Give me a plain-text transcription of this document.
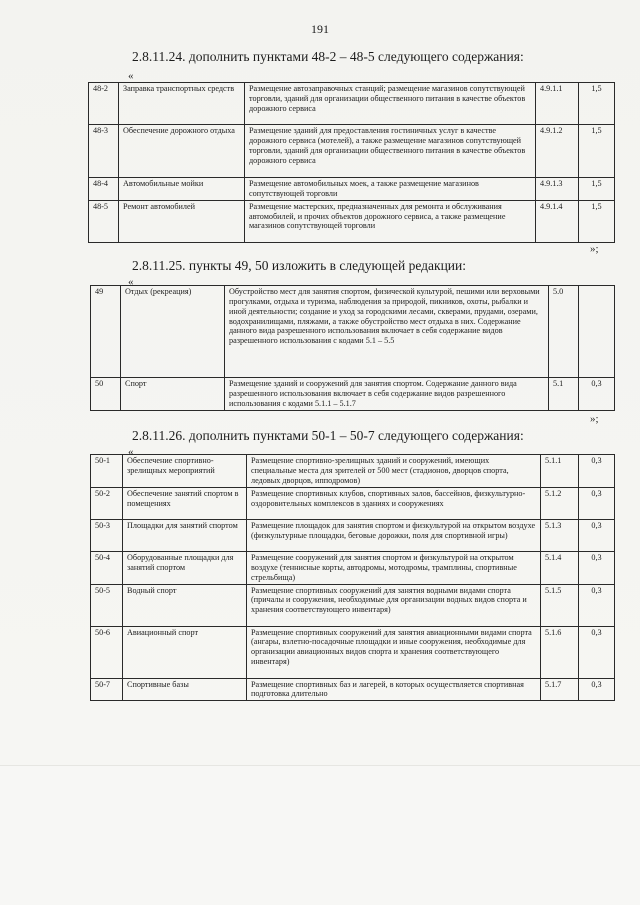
191
2.8.11.24. дополнить пунктами 48-2 – 48-5 следующего содержания:
«
48-2	Заправка транспортных средств	Размещение автозаправочных станций; размещение магазинов сопутствующей торговли, зданий для организации общественного питания в качестве объектов дорожного сервиса	4.9.1.1	1,5
48-3	Обеспечение дорожного отдыха	Размещение зданий для предоставления гостиничных услуг в качестве дорожного сервиса (мотелей), а также размещение магазинов сопутствующей торговли, зданий для организации общественного питания в качестве объектов дорожного сервиса	4.9.1.2	1,5
48-4	Автомобильные мойки	Размещение автомобильных моек, а также размещение магазинов сопутствующей торговли	4.9.1.3	1,5
48-5	Ремонт автомобилей	Размещение мастерских, предназначенных для ремонта и обслуживания автомобилей, и прочих объектов дорожного сервиса, а также размещение магазинов сопутствующей торговли	4.9.1.4	1,5
»;
2.8.11.25. пункты 49, 50 изложить в следующей редакции:
«
49	Отдых (рекреация)	Обустройство мест для занятия спортом, физической культурой, пешими или верховыми прогулками, отдыха и туризма, наблюдения за природой, пикников, охоты, рыбалки и иной деятельности; создание и уход за городскими лесами, скверами, прудами, озерами, водохранилищами, пляжами, а также обустройство мест отдыха в них. Содержание данного вида разрешенного использования включает в себя содержание видов разрешенного использования с кодами 5.1 – 5.5	5.0	
50	Спорт	Размещение зданий и сооружений для занятия спортом. Содержание данного вида разрешенного использования включает в себя содержание видов разрешенного использования с кодами 5.1.1 – 5.1.7	5.1	0,3
»;
2.8.11.26. дополнить пунктами 50-1 – 50-7 следующего содержания:
«
50-1	Обеспечение спортивно-зрелищных мероприятий	Размещение спортивно-зрелищных зданий и сооружений, имеющих специальные места для зрителей от 500 мест (стадионов, дворцов спорта, ледовых дворцов, ипподромов)	5.1.1	0,3
50-2	Обеспечение занятий спортом в помещениях	Размещение спортивных клубов, спортивных залов, бассейнов, физкультурно-оздоровительных комплексов в зданиях и сооружениях	5.1.2	0,3
50-3	Площадки для занятий спортом	Размещение площадок для занятия спортом и физкультурой на открытом воздухе (физкультурные площадки, беговые дорожки, поля для спортивной игры)	5.1.3	0,3
50-4	Оборудованные площадки для занятий спортом	Размещение сооружений для занятия спортом и физкультурой на открытом воздухе (теннисные корты, автодромы, мотодромы, трамплины, спортивные стрельбища)	5.1.4	0,3
50-5	Водный спорт	Размещение спортивных сооружений для занятия водными видами спорта (причалы и сооружения, необходимые для организации водных видов спорта и хранения соответствующего инвентаря)	5.1.5	0,3
50-6	Авиационный спорт	Размещение спортивных сооружений для занятия авиационными видами спорта (ангары, взлетно-посадочные площадки и иные сооружения, необходимые для организации авиационных видов спорта и хранения соответствующего инвентаря)	5.1.6	0,3
50-7	Спортивные базы	Размещение спортивных баз и лагерей, в которых осуществляется спортивная подготовка длительно	5.1.7	0,3
